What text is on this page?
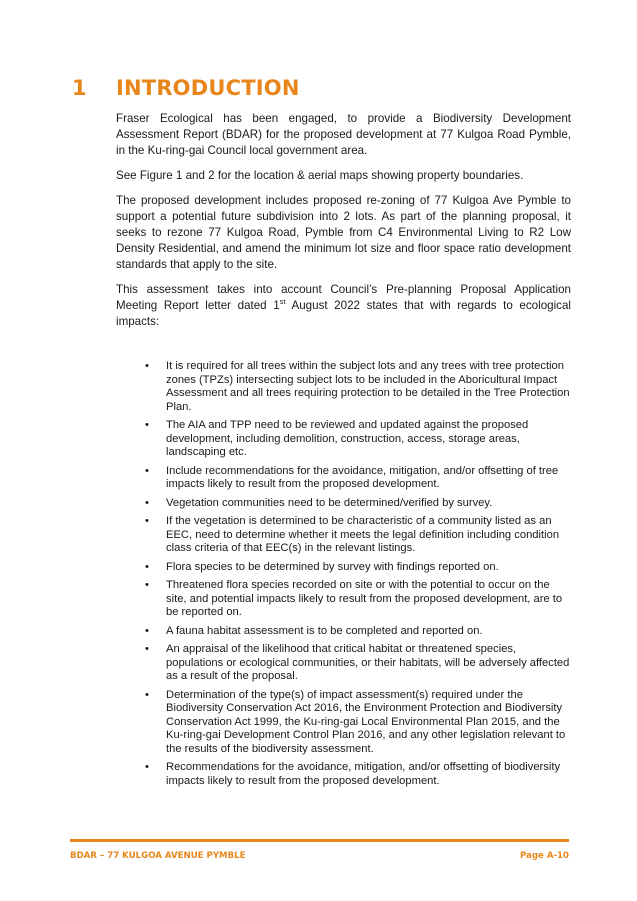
1	INTRODUCTION

Fraser Ecological has been engaged, to provide a Biodiversity Development Assessment Report (BDAR) for the proposed development at 77 Kulgoa Road Pymble, in the Ku-ring-gai Council local government area.

See Figure 1 and 2 for the location & aerial maps showing property boundaries.

The proposed development includes proposed re-zoning of 77 Kulgoa Ave Pymble to support a potential future subdivision into 2 lots. As part of the planning proposal, it seeks to rezone 77 Kulgoa Road, Pymble from C4 Environmental Living to R2 Low Density Residential, and amend the minimum lot size and floor space ratio development standards that apply to the site.

This assessment takes into account Council’s Pre-planning Proposal Application Meeting Report letter dated 1st August 2022 states that with regards to ecological impacts:

• It is required for all trees within the subject lots and any trees with tree protection zones (TPZs) intersecting subject lots to be included in the Aboricultural Impact Assessment and all trees requiring protection to be detailed in the Tree Protection Plan.
• The AIA and TPP need to be reviewed and updated against the proposed development, including demolition, construction, access, storage areas, landscaping etc.
• Include recommendations for the avoidance, mitigation, and/or offsetting of tree impacts likely to result from the proposed development.
• Vegetation communities need to be determined/verified by survey.
• If the vegetation is determined to be characteristic of a community listed as an EEC, need to determine whether it meets the legal definition including condition class criteria of that EEC(s) in the relevant listings.
• Flora species to be determined by survey with findings reported on.
• Threatened flora species recorded on site or with the potential to occur on the site, and potential impacts likely to result from the proposed development, are to be reported on.
• A fauna habitat assessment is to be completed and reported on.
• An appraisal of the likelihood that critical habitat or threatened species, populations or ecological communities, or their habitats, will be adversely affected as a result of the proposal.
• Determination of the type(s) of impact assessment(s) required under the Biodiversity Conservation Act 2016, the Environment Protection and Biodiversity Conservation Act 1999, the Ku-ring-gai Local Environmental Plan 2015, and the Ku-ring-gai Development Control Plan 2016, and any other legislation relevant to the results of the biodiversity assessment.
• Recommendations for the avoidance, mitigation, and/or offsetting of biodiversity impacts likely to result from the proposed development.
BDAR – 77 KULGOA AVENUE PYMBLE	Page A-10
